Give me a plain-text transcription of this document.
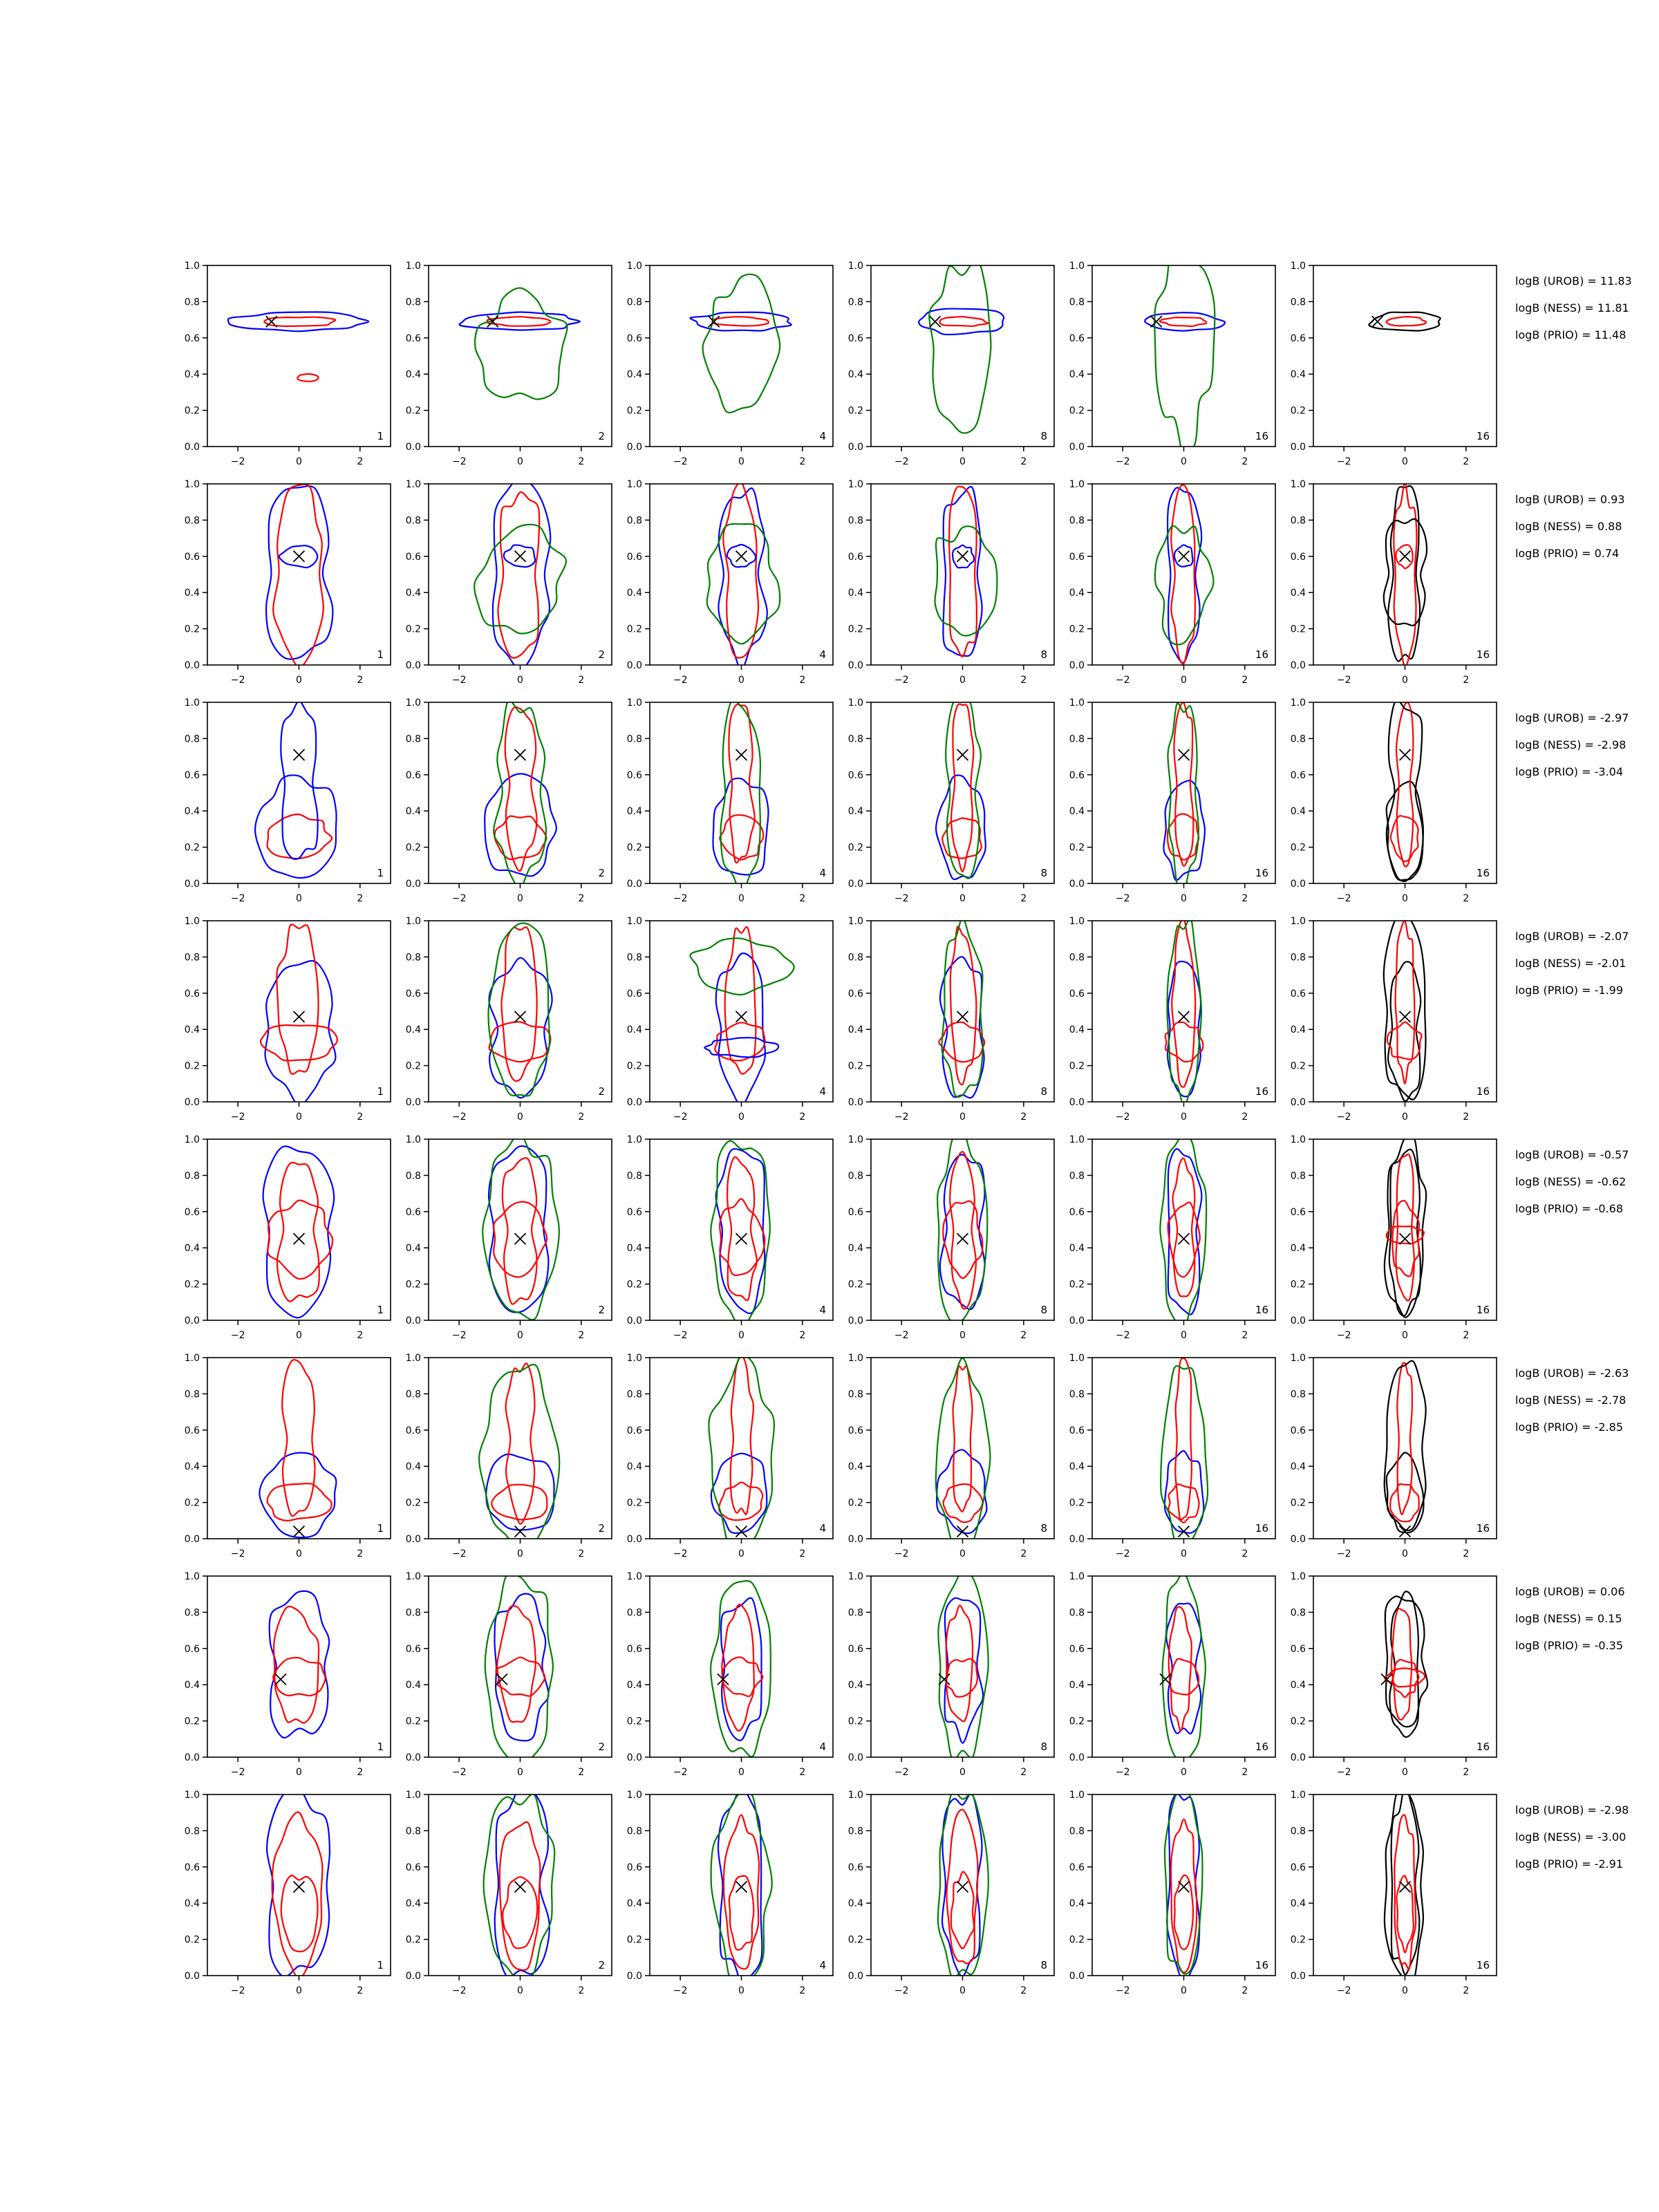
0.0
0.2
0.4
0.6
0.8
1.0
−2	0	2
1
0.0
0.2
0.4
0.6
0.8
1.0
−2	0	2
2
0.0
0.2
0.4
0.6
0.8
1.0
−2	0	2
4
0.0
0.2
0.4
0.6
0.8
1.0
−2	0	2
8
0.0
0.2
0.4
0.6
0.8
1.0
−2	0	2
16
0.0
0.2
0.4
0.6
0.8
1.0
−2	0	2
16
logB (UROB) = 11.83
logB (NESS) = 11.81
logB (PRIO) = 11.48
0.0
0.2
0.4
0.6
0.8
1.0
−2	0	2
1
0.0
0.2
0.4
0.6
0.8
1.0
−2	0	2
2
0.0
0.2
0.4
0.6
0.8
1.0
−2	0	2
4
0.0
0.2
0.4
0.6
0.8
1.0
−2	0	2
8
0.0
0.2
0.4
0.6
0.8
1.0
−2	0	2
16
0.0
0.2
0.4
0.6
0.8
1.0
−2	0	2
16
logB (UROB) = 0.93
logB (NESS) = 0.88
logB (PRIO) = 0.74
0.0
0.2
0.4
0.6
0.8
1.0
−2	0	2
1
0.0
0.2
0.4
0.6
0.8
1.0
−2	0	2
2
0.0
0.2
0.4
0.6
0.8
1.0
−2	0	2
4
0.0
0.2
0.4
0.6
0.8
1.0
−2	0	2
8
0.0
0.2
0.4
0.6
0.8
1.0
−2	0	2
16
0.0
0.2
0.4
0.6
0.8
1.0
−2	0	2
16
logB (UROB) = -2.97
logB (NESS) = -2.98
logB (PRIO) = -3.04
0.0
0.2
0.4
0.6
0.8
1.0
−2	0	2
1
0.0
0.2
0.4
0.6
0.8
1.0
−2	0	2
2
0.0
0.2
0.4
0.6
0.8
1.0
−2	0	2
4
0.0
0.2
0.4
0.6
0.8
1.0
−2	0	2
8
0.0
0.2
0.4
0.6
0.8
1.0
−2	0	2
16
0.0
0.2
0.4
0.6
0.8
1.0
−2	0	2
16
logB (UROB) = -2.07
logB (NESS) = -2.01
logB (PRIO) = -1.99
0.0
0.2
0.4
0.6
0.8
1.0
−2	0	2
1
0.0
0.2
0.4
0.6
0.8
1.0
−2	0	2
2
0.0
0.2
0.4
0.6
0.8
1.0
−2	0	2
4
0.0
0.2
0.4
0.6
0.8
1.0
−2	0	2
8
0.0
0.2
0.4
0.6
0.8
1.0
−2	0	2
16
0.0
0.2
0.4
0.6
0.8
1.0
−2	0	2
16
logB (UROB) = -0.57
logB (NESS) = -0.62
logB (PRIO) = -0.68
0.0
0.2
0.4
0.6
0.8
1.0
−2	0	2
1
0.0
0.2
0.4
0.6
0.8
1.0
−2	0	2
2
0.0
0.2
0.4
0.6
0.8
1.0
−2	0	2
4
0.0
0.2
0.4
0.6
0.8
1.0
−2	0	2
8
0.0
0.2
0.4
0.6
0.8
1.0
−2	0	2
16
0.0
0.2
0.4
0.6
0.8
1.0
−2	0	2
16
logB (UROB) = -2.63
logB (NESS) = -2.78
logB (PRIO) = -2.85
0.0
0.2
0.4
0.6
0.8
1.0
−2	0	2
1
0.0
0.2
0.4
0.6
0.8
1.0
−2	0	2
2
0.0
0.2
0.4
0.6
0.8
1.0
−2	0	2
4
0.0
0.2
0.4
0.6
0.8
1.0
−2	0	2
8
0.0
0.2
0.4
0.6
0.8
1.0
−2	0	2
16
0.0
0.2
0.4
0.6
0.8
1.0
−2	0	2
16
logB (UROB) = 0.06
logB (NESS) = 0.15
logB (PRIO) = -0.35
0.0
0.2
0.4
0.6
0.8
1.0
−2	0	2
1
0.0
0.2
0.4
0.6
0.8
1.0
−2	0	2
2
0.0
0.2
0.4
0.6
0.8
1.0
−2	0	2
4
0.0
0.2
0.4
0.6
0.8
1.0
−2	0	2
8
0.0
0.2
0.4
0.6
0.8
1.0
−2	0	2
16
0.0
0.2
0.4
0.6
0.8
1.0
−2	0	2
16
logB (UROB) = -2.98
logB (NESS) = -3.00
logB (PRIO) = -2.91
